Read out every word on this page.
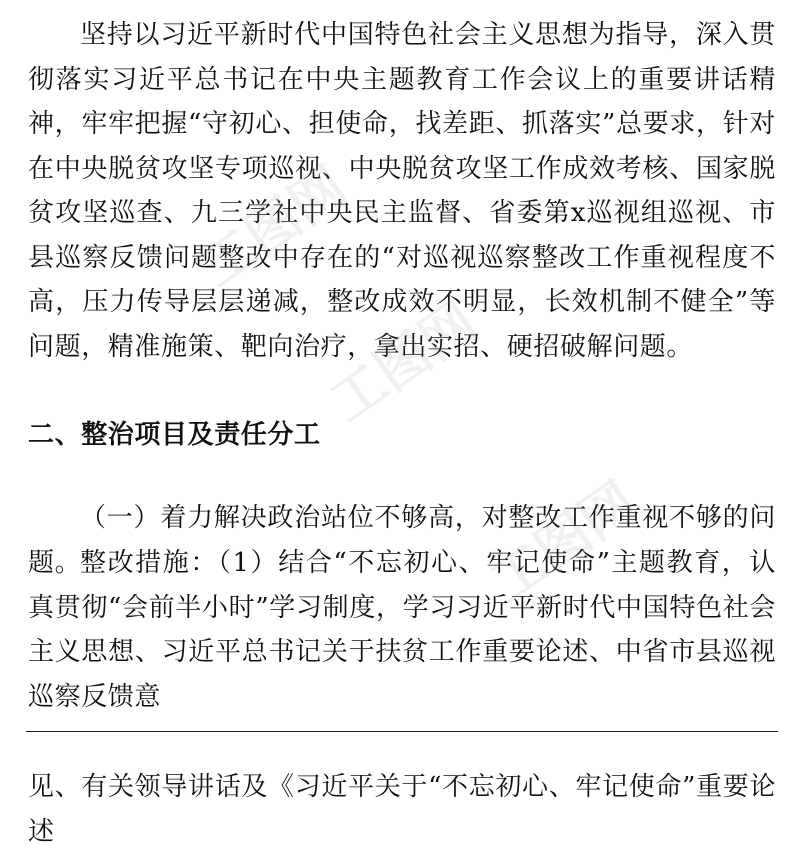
坚持以习近平新时代中国特色社会主义思想为指导，深入贯彻落实习近平总书记在中央主题教育工作会议上的重要讲话精神，牢牢把握“守初心、担使命，找差距、抓落实”总要求，针对在中央脱贫攻坚专项巡视、中央脱贫攻坚工作成效考核、国家脱贫攻坚巡查、九三学社中央民主监督、省委第x巡视组巡视、市县巡察反馈问题整改中存在的“对巡视巡察整改工作重视程度不高，压力传导层层递减，整改成效不明显，长效机制不健全”等问题，精准施策、靶向治疗，拿出实招、硬招破解问题。

二、整治项目及责任分工

（一）着力解决政治站位不够高，对整改工作重视不够的问题。

整改措施：（1）结合“不忘初心、牢记使命”主题教育，认真贯彻“会前半小时”学习制度，学习习近平新时代中国特色社会主义思想、习近平总书记关于扶贫工作重要论述、中省市县巡视巡察反馈意

见、有关领导讲话及《习近平关于“不忘初心、牢记使命”重要论述

工图网
工图网
工图网
